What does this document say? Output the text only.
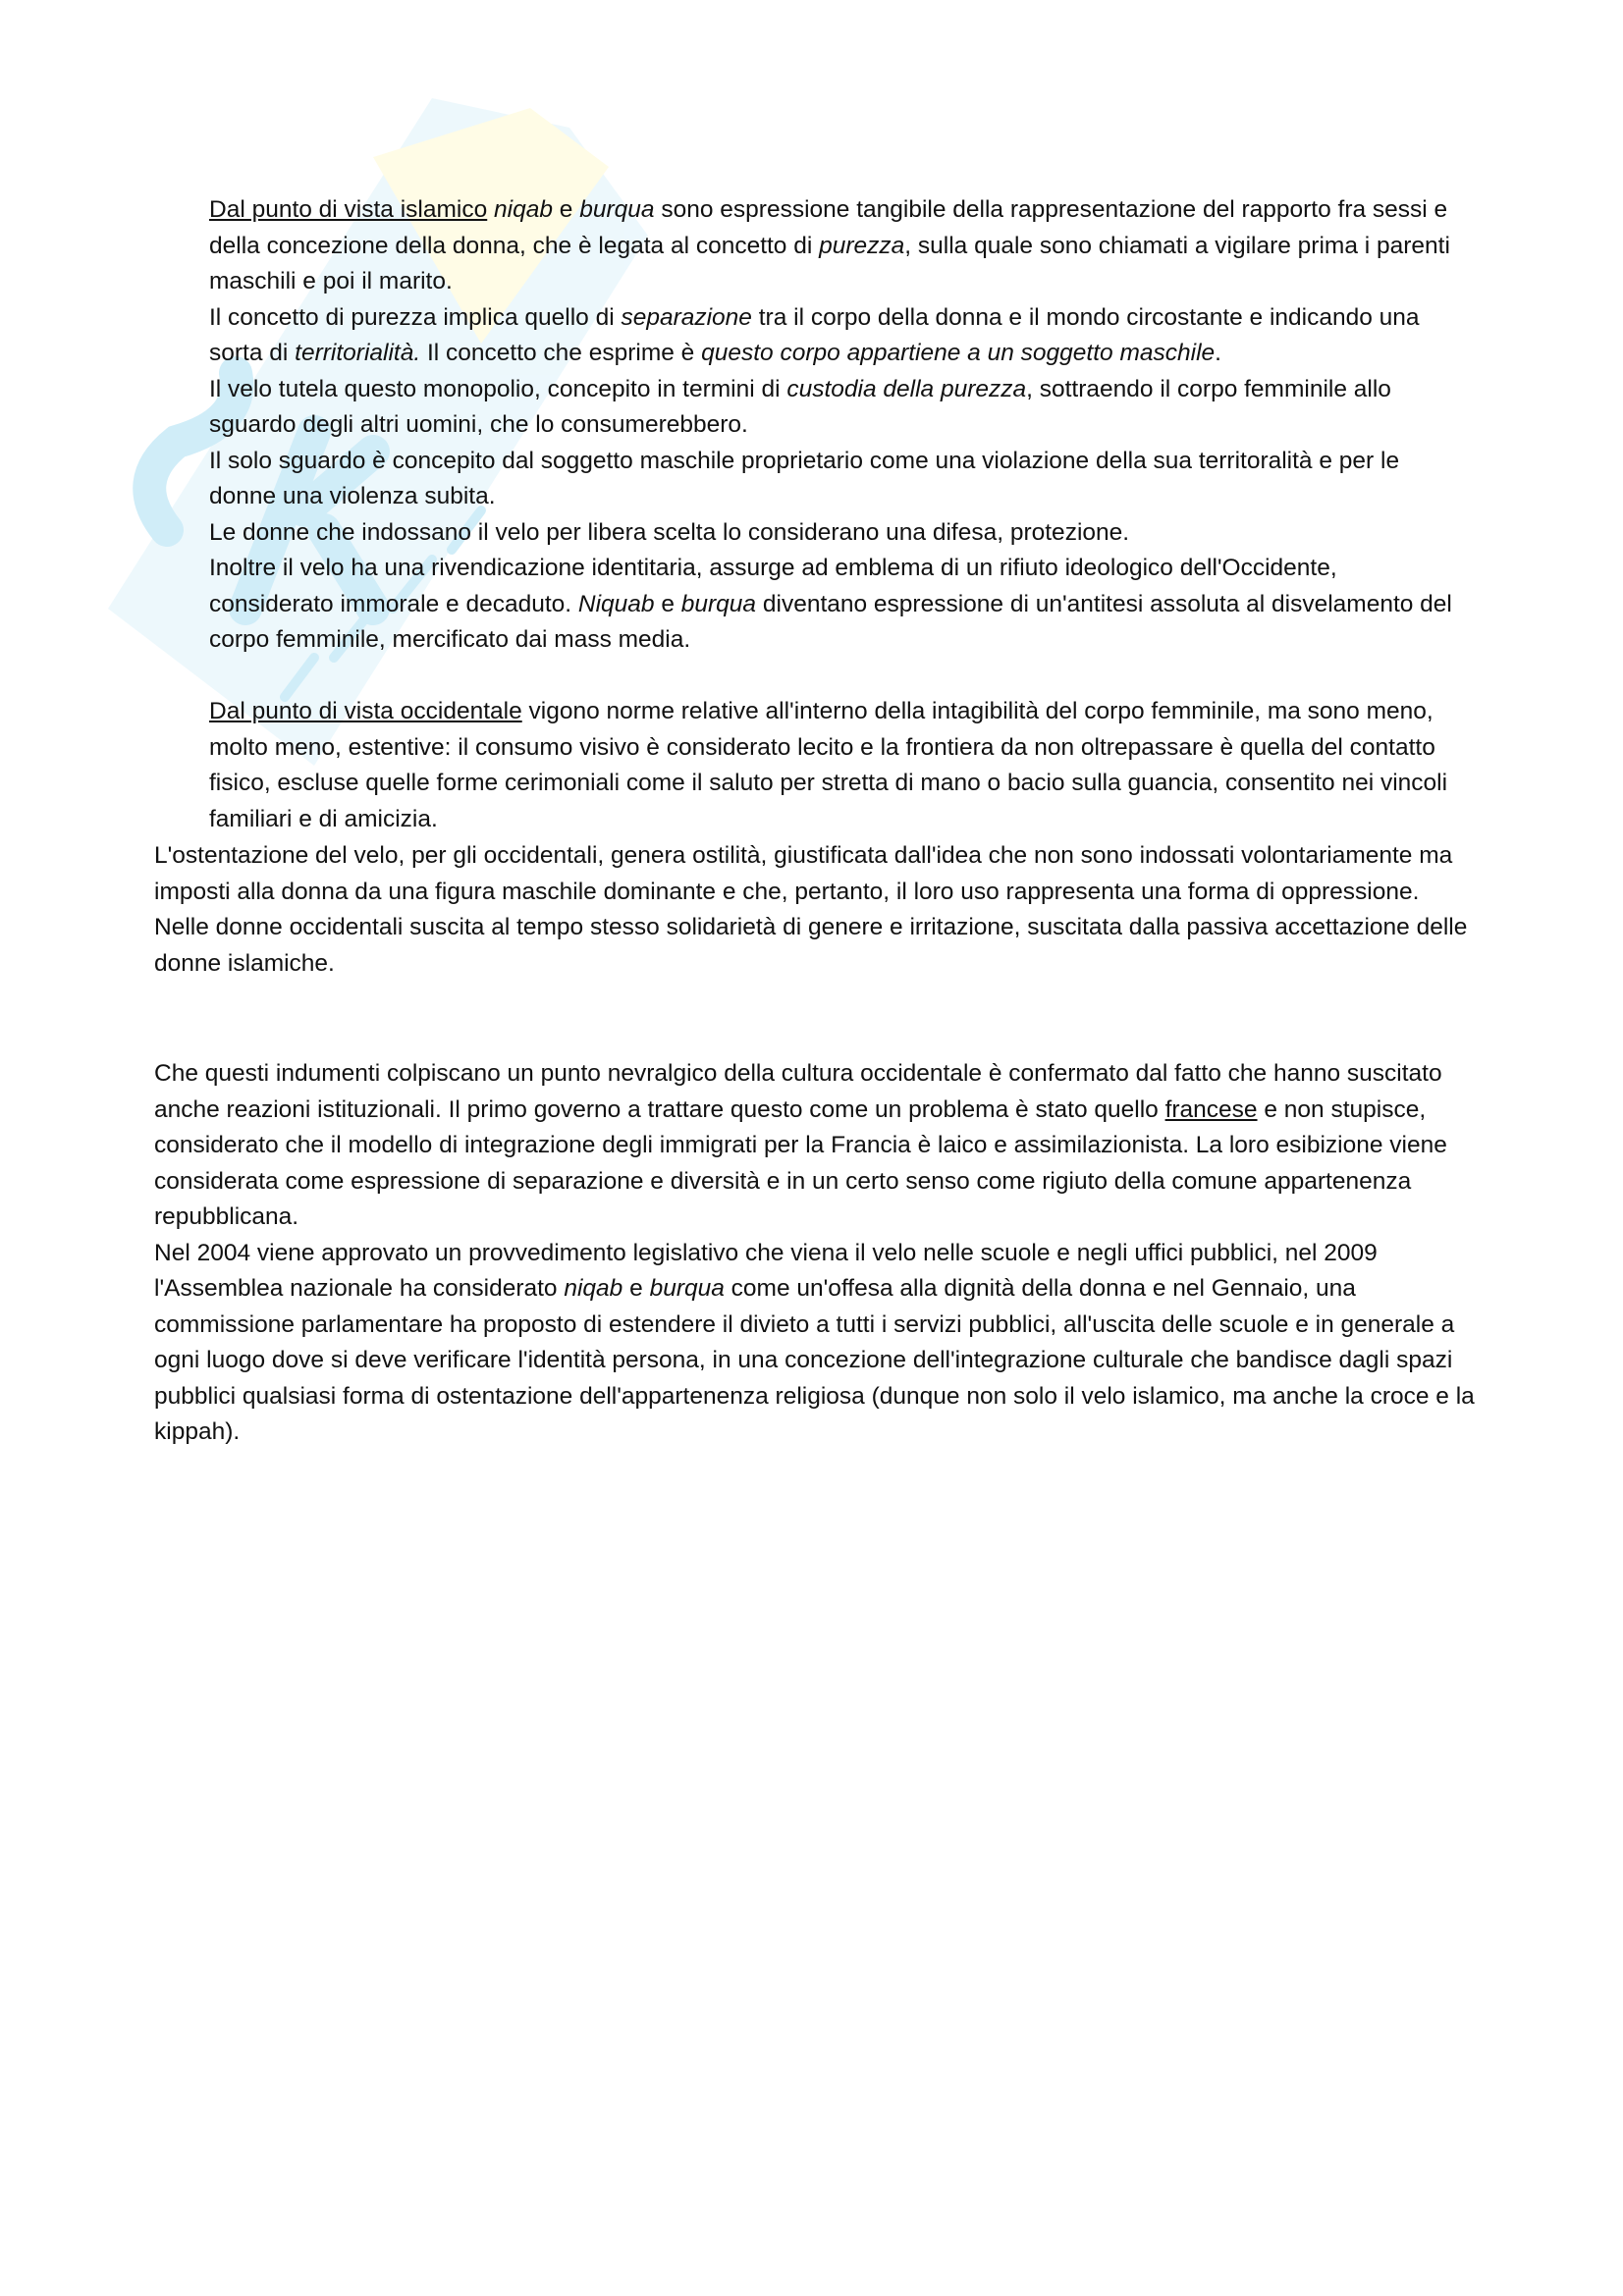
Dal punto di vista islamico niqab e burqua sono espressione tangibile della rappresentazione del rapporto fra sessi e
della concezione della donna, che è legata al concetto di purezza, sulla quale sono chiamati a vigilare prima i parenti
maschili e poi il marito.
Il concetto di purezza implica quello di separazione tra il corpo della donna e il mondo circostante e indicando una
sorta di territorialità. Il concetto che esprime è questo corpo appartiene a un soggetto maschile.
Il velo tutela questo monopolio, concepito in termini di custodia della purezza, sottraendo il corpo femminile allo
sguardo degli altri uomini, che lo consumerebbero.
Il solo sguardo è concepito dal soggetto maschile proprietario come una violazione della sua territoralità e per le
donne una violenza subita.
Le donne che indossano il velo per libera scelta lo considerano una difesa, protezione.
Inoltre il velo ha una rivendicazione identitaria, assurge ad emblema di un rifiuto ideologico dell'Occidente,
considerato immorale e decaduto. Niquab e burqua diventano espressione di un'antitesi assoluta al disvelamento del
corpo femminile, mercificato dai mass media.
Dal punto di vista occidentale vigono norme relative all'interno della intagibilità del corpo femminile, ma sono meno,
molto meno, estentive: il consumo visivo è considerato lecito e la frontiera da non oltrepassare è quella del contatto
fisico, escluse quelle forme cerimoniali come il saluto per stretta di mano o bacio sulla guancia, consentito nei vincoli
familiari e di amicizia.
L'ostentazione del velo, per gli occidentali, genera ostilità, giustificata dall'idea che non sono indossati volontariamente ma
imposti alla donna da una figura maschile dominante e che, pertanto, il loro uso rappresenta una forma di oppressione.
Nelle donne occidentali suscita al tempo stesso solidarietà di genere e irritazione, suscitata dalla passiva accettazione delle
donne islamiche.
Che questi indumenti colpiscano un punto nevralgico della cultura occidentale è confermato dal fatto che hanno suscitato
anche reazioni istituzionali. Il primo governo a trattare questo come un problema è stato quello francese e non stupisce,
considerato che il modello di integrazione degli immigrati per la Francia è laico e assimilazionista. La loro esibizione viene
considerata come espressione di separazione e diversità e in un certo senso come rigiuto della comune appartenenza
repubblicana.
Nel 2004 viene approvato un provvedimento legislativo che viena il velo nelle scuole e negli uffici pubblici, nel 2009
l'Assemblea nazionale ha considerato niqab e burqua come un'offesa alla dignità della donna e nel Gennaio, una
commissione parlamentare ha proposto di estendere il divieto a tutti i servizi pubblici, all'uscita delle scuole e in generale a
ogni luogo dove si deve verificare l'identità persona, in una concezione dell'integrazione culturale che bandisce dagli spazi
pubblici qualsiasi forma di ostentazione dell'appartenenza religiosa (dunque non solo il velo islamico, ma anche la croce e la
kippah).
